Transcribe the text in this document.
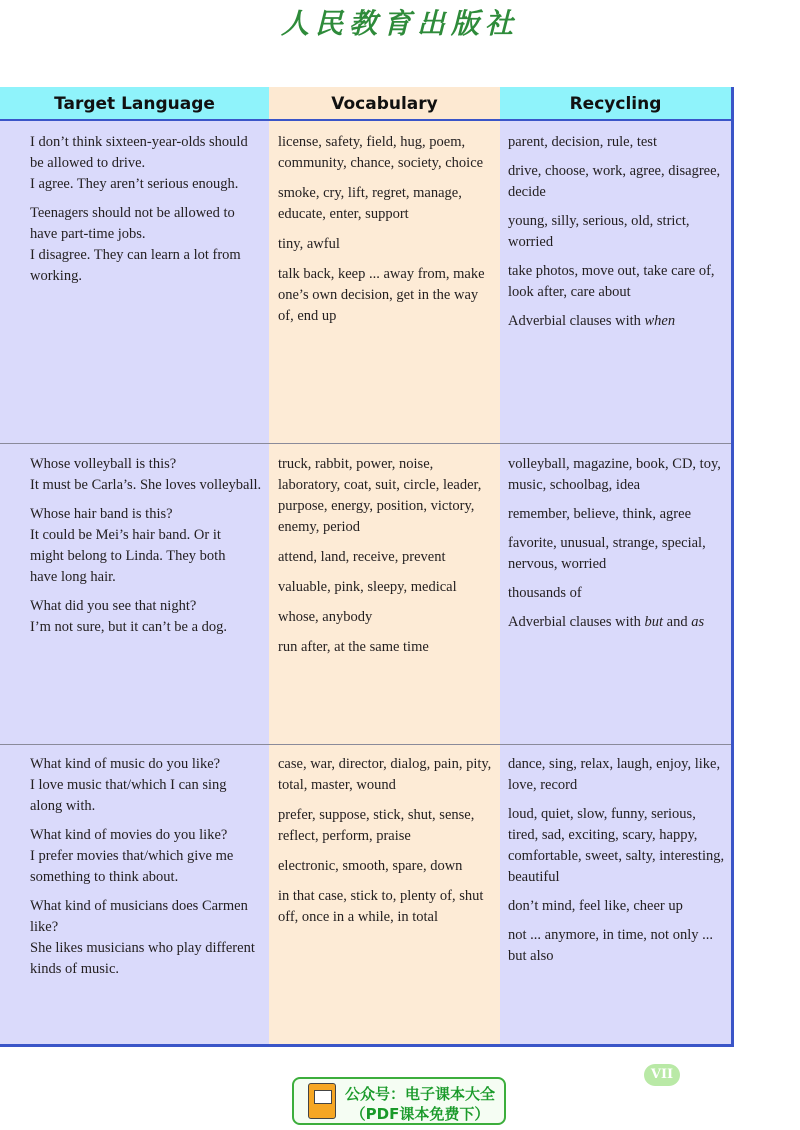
人民教育出版社
Target Language	Vocabulary	Recycling
I don’t think sixteen-year-olds should
be allowed to drive.
I agree. They aren’t serious enough.
Teenagers should not be allowed to
have part-time jobs.
I disagree. They can learn a lot from
working.
license, safety, field, hug, poem, community, chance, society, choice
smoke, cry, lift, regret, manage, educate, enter, support
tiny, awful
talk back, keep ... away from, make one’s own decision, get in the way of, end up
parent, decision, rule, test
drive, choose, work, agree, disagree, decide
young, silly, serious, old, strict, worried
take photos, move out, take care of, look after, care about
Adverbial clauses with when
Whose volleyball is this?
It must be Carla’s. She loves volleyball.
Whose hair band is this?
It could be Mei’s hair band. Or it
might belong to Linda. They both
have long hair.
What did you see that night?
I’m not sure, but it can’t be a dog.
truck, rabbit, power, noise, laboratory, coat, suit, circle, leader, purpose, energy, position, victory, enemy, period
attend, land, receive, prevent
valuable, pink, sleepy, medical
whose, anybody
run after, at the same time
volleyball, magazine, book, CD, toy, music, schoolbag, idea
remember, believe, think, agree
favorite, unusual, strange, special, nervous, worried
thousands of
Adverbial clauses with but and as
What kind of music do you like?
I love music that/which I can sing
along with.
What kind of movies do you like?
I prefer movies that/which give me
something to think about.
What kind of musicians does Carmen
like?
She likes musicians who play different
kinds of music.
case, war, director, dialog, pain, pity, total, master, wound
prefer, suppose, stick, shut, sense, reflect, perform, praise
electronic, smooth, spare, down
in that case, stick to, plenty of, shut off, once in a while, in total
dance, sing, relax, laugh, enjoy, like, love, record
loud, quiet, slow, funny, serious, tired, sad, exciting, scary, happy, comfortable, sweet, salty, interesting, beautiful
don’t mind, feel like, cheer up
not ... anymore, in time, not only ... but also
VII
公众号：电子课本大全
（PDF课本免费下）
